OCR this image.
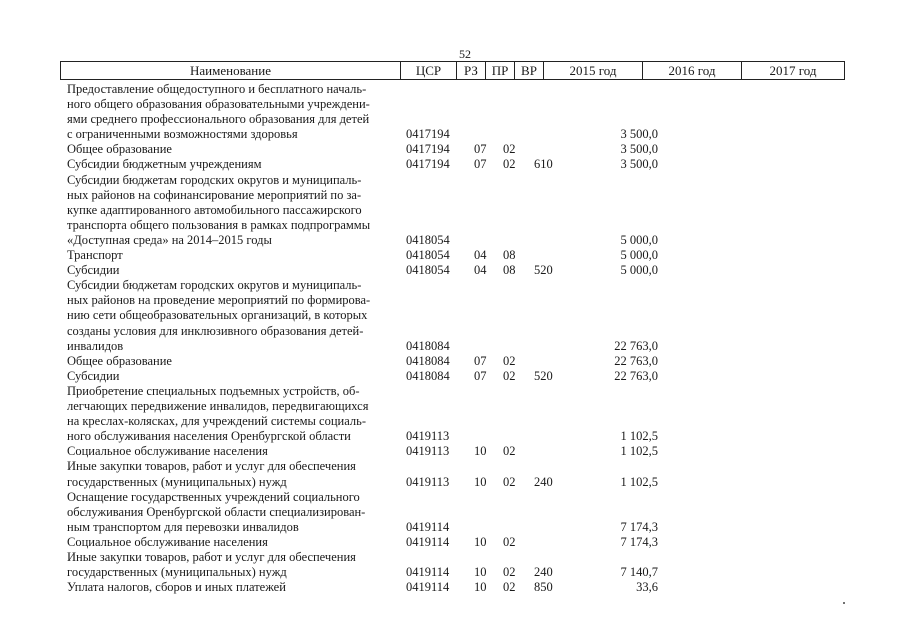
52
Наименование	ЦСР	РЗ	ПР ВР	2015 год	2016 год	2017 год
Предоставление общедоступного и бесплатного началь-
ного общего образования образовательными учреждени-
ями среднего профессионального образования для детей
с ограниченными возможностями здоровья	0417194	3 500,0
Общее образование	0417194 07 02	3 500,0
Субсидии бюджетным учреждениям	0417194 07 02 610	3 500,0
Субсидии бюджетам городских округов и муниципаль-
ных районов на софинансирование мероприятий по за-
купке адаптированного автомобильного пассажирского
транспорта общего пользования в рамках подпрограммы
«Доступная среда» на 2014–2015 годы	0418054	5 000,0
Транспорт	0418054 04 08	5 000,0
Субсидии	0418054 04 08 520	5 000,0
Субсидии бюджетам городских округов и муниципаль-
ных районов на проведение мероприятий по формирова-
нию сети общеобразовательных организаций, в которых
созданы условия для инклюзивного образования детей-
инвалидов	0418084	22 763,0
Общее образование	0418084 07 02	22 763,0
Субсидии	0418084 07 02 520	22 763,0
Приобретение специальных подъемных устройств, об-
легчающих передвижение инвалидов, передвигающихся
на креслах-колясках, для учреждений системы социаль-
ного обслуживания населения Оренбургской области	0419113	1 102,5
Социальное обслуживание населения	0419113 10 02	1 102,5
Иные закупки товаров, работ и услуг для обеспечения
государственных (муниципальных) нужд	0419113 10 02 240	1 102,5
Оснащение государственных учреждений социального
обслуживания Оренбургской области специализирован-
ным транспортом для перевозки инвалидов	0419114	7 174,3
Социальное обслуживание населения	0419114 10 02	7 174,3
Иные закупки товаров, работ и услуг для обеспечения
государственных (муниципальных) нужд	0419114 10 02 240	7 140,7
Уплата налогов, сборов и иных платежей	0419114 10 02 850	33,6
